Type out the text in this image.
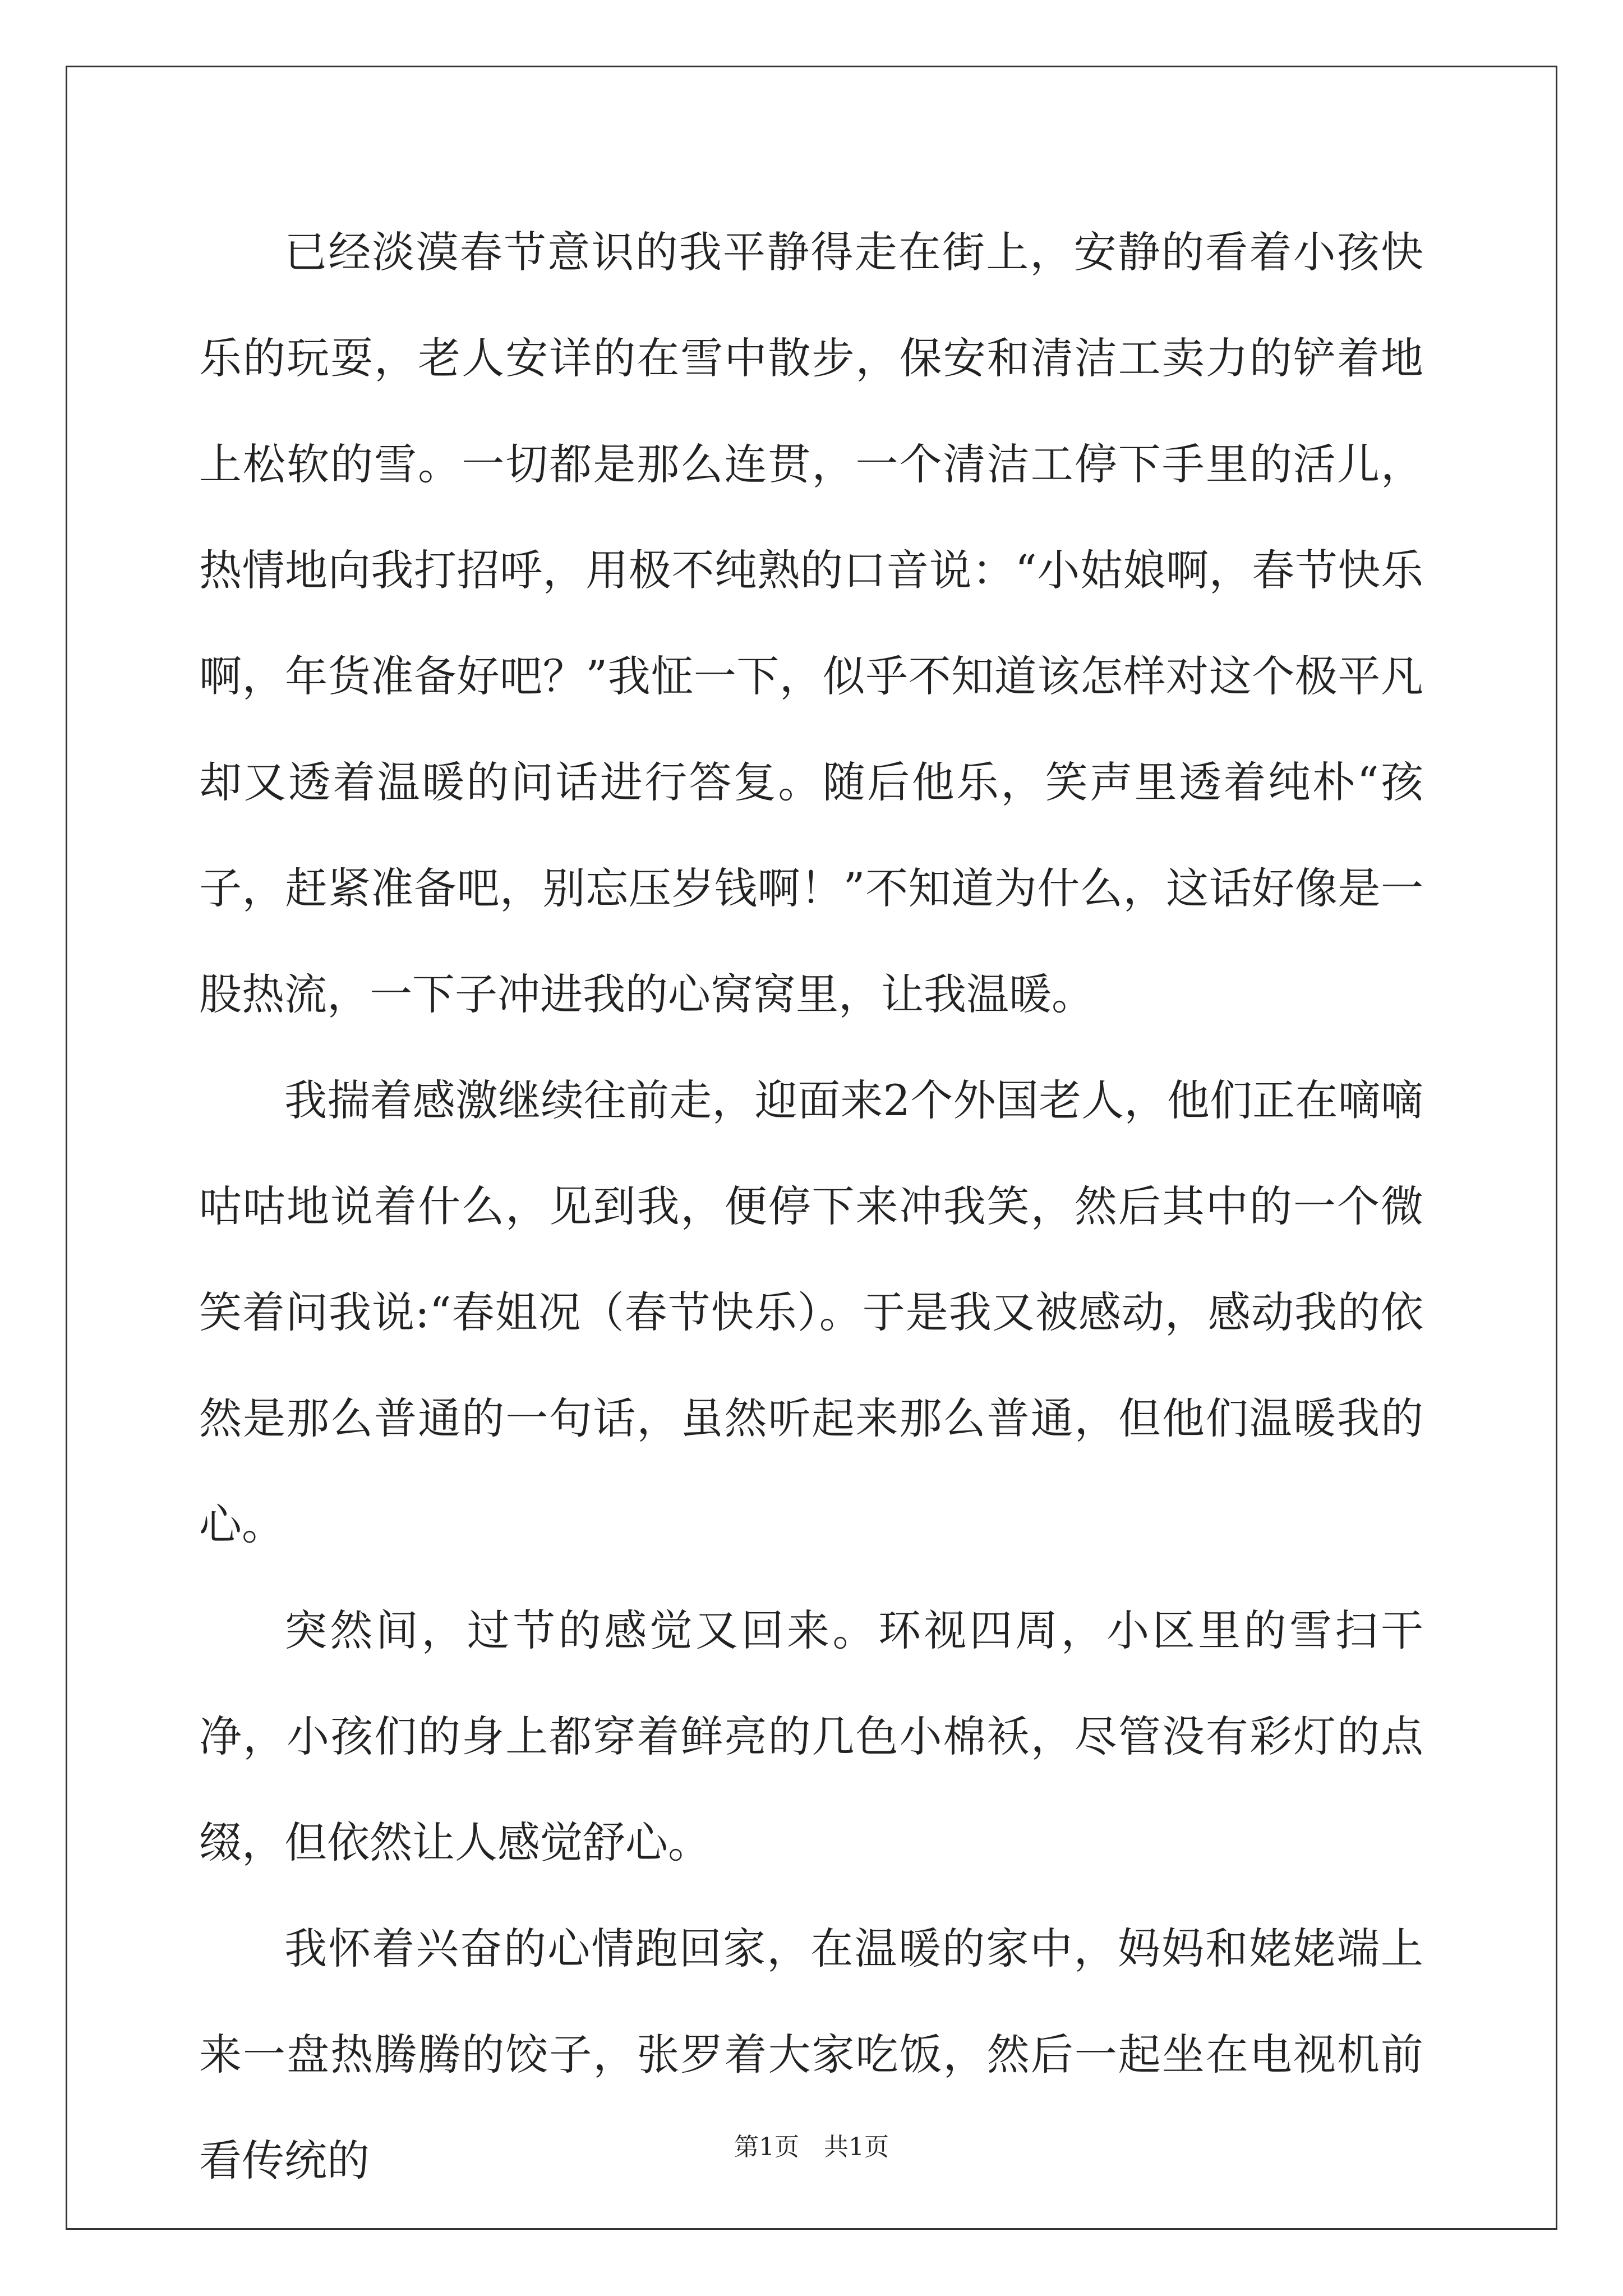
已经淡漠春节意识的我平静得走在街上，安静的看着小孩快乐的玩耍，老人安详的在雪中散步，保安和清洁工卖力的铲着地上松软的雪。一切都是那么连贯，一个清洁工停下手里的活儿，热情地向我打招呼，用极不纯熟的口音说：“小姑娘啊，春节快乐啊，年货准备好吧？”我怔一下，似乎不知道该怎样对这个极平凡却又透着温暖的问话进行答复。随后他乐，笑声里透着纯朴“孩子，赶紧准备吧，别忘压岁钱啊！”不知道为什么，这话好像是一股热流，一下子冲进我的心窝窝里，让我温暖。

我揣着感激继续往前走，迎面来2个外国老人，他们正在嘀嘀咕咕地说着什么，见到我，便停下来冲我笑，然后其中的一个微笑着问我说:“春姐况（春节快乐）。于是我又被感动，感动我的依然是那么普通的一句话，虽然听起来那么普通，但他们温暖我的心。

突然间，过节的感觉又回来。环视四周，小区里的雪扫干净，小孩们的身上都穿着鲜亮的几色小棉袄，尽管没有彩灯的点缀，但依然让人感觉舒心。

我怀着兴奋的心情跑回家，在温暖的家中，妈妈和姥姥端上来一盘热腾腾的饺子，张罗着大家吃饭，然后一起坐在电视机前看传统的	第1页 共1页
